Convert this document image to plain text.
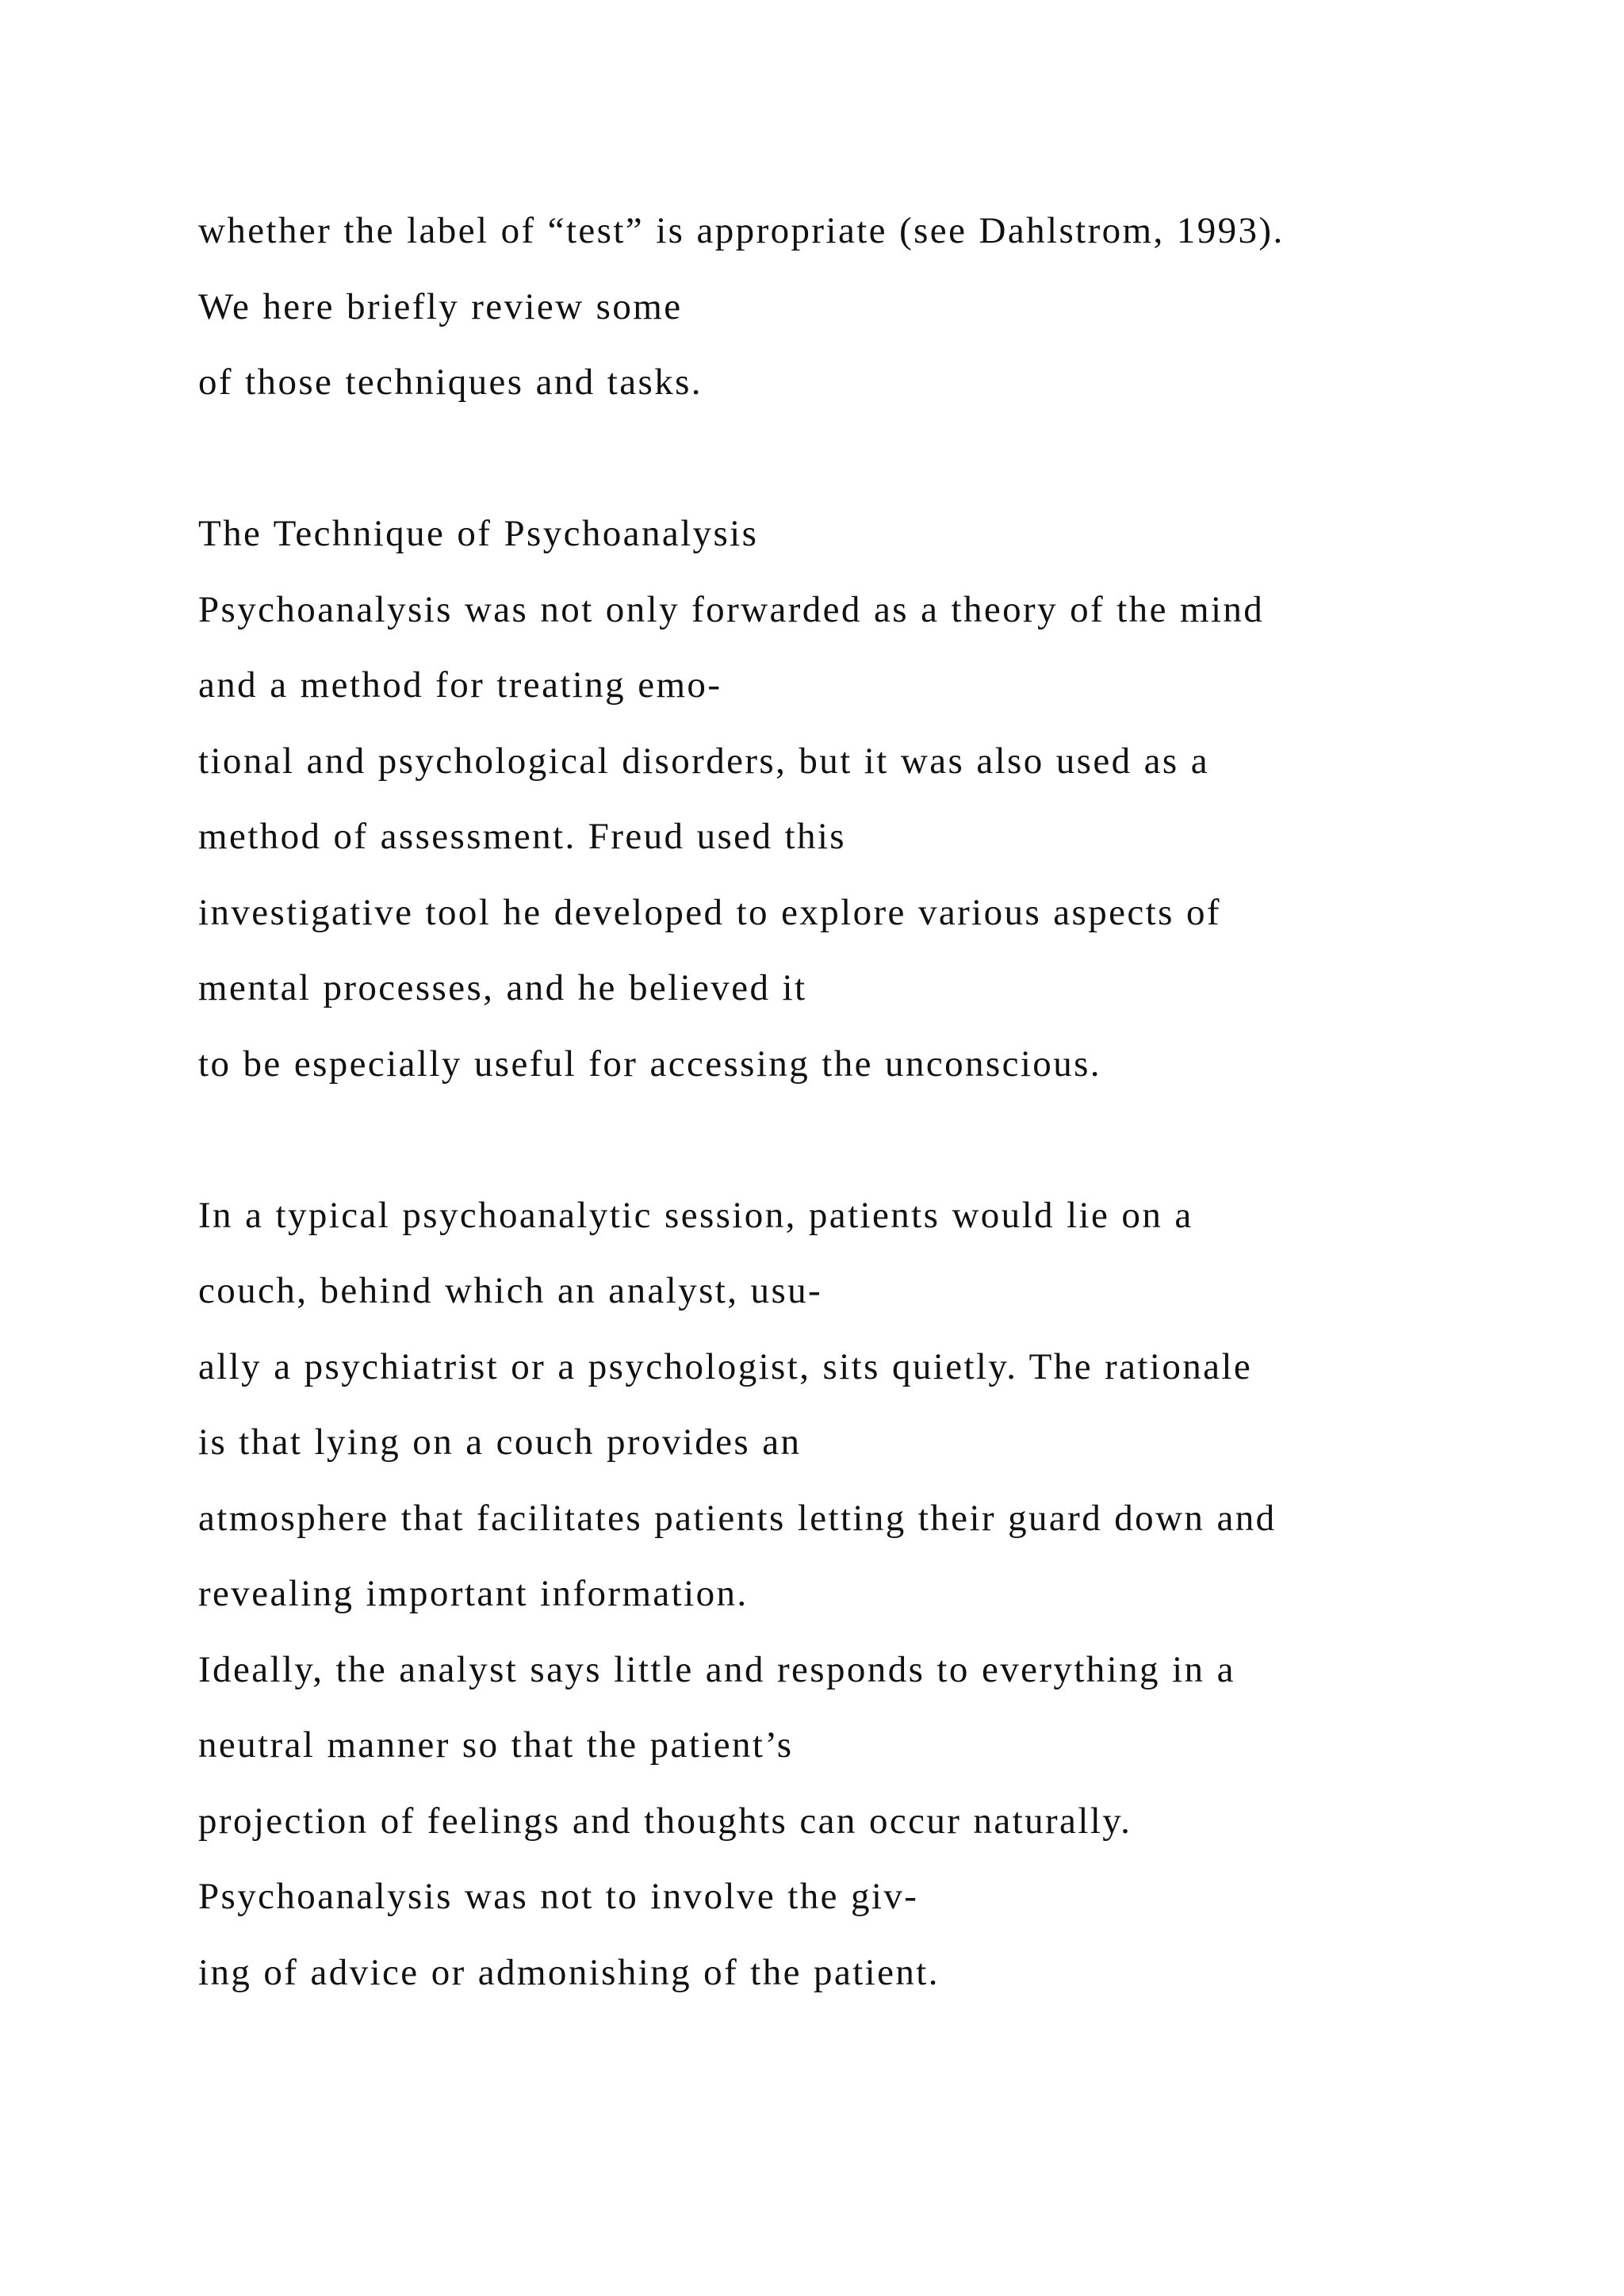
whether the label of “test” is appropriate (see Dahlstrom, 1993).
We here briefly review some
of those techniques and tasks.
The Technique of Psychoanalysis
Psychoanalysis was not only forwarded as a theory of the mind
and a method for treating emo-
tional and psychological disorders, but it was also used as a
method of assessment. Freud used this
investigative tool he developed to explore various aspects of
mental processes, and he believed it
to be especially useful for accessing the unconscious.
In a typical psychoanalytic session, patients would lie on a
couch, behind which an analyst, usu-
ally a psychiatrist or a psychologist, sits quietly. The rationale
is that lying on a couch provides an
atmosphere that facilitates patients letting their guard down and
revealing important information.
Ideally, the analyst says little and responds to everything in a
neutral manner so that the patient’s
projection of feelings and thoughts can occur naturally.
Psychoanalysis was not to involve the giv-
ing of advice or admonishing of the patient.
